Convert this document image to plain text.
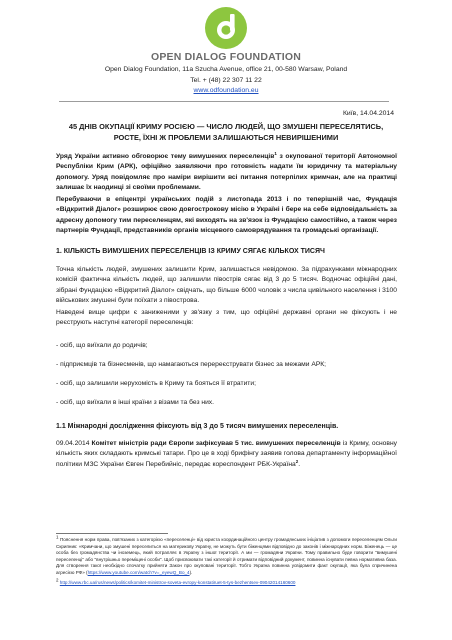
OPEN DIALOG FOUNDATION
Open Dialog Foundation, 11a Szucha Avenue, office 21, 00-580 Warsaw, Poland
Tel. + (48) 22 307 11 22
www.odfoundation.eu
Київ, 14.04.2014
45 ДНІВ ОКУПАЦІЇ КРИМУ РОСІЄЮ — ЧИСЛО ЛЮДЕЙ, ЩО ЗМУШЕНІ ПЕРЕСЕЛЯТИСЬ, РОСТЕ, ЇХНІ Ж ПРОБЛЕМИ ЗАЛИШАЮТЬСЯ НЕВИРІШЕНИМИ

Уряд України активно обговорює тему вимушених переселенців$^1$ з окупованої території Автономної Республіки Крим (АРК), офіційно заявляючи про готовність надати їм юридичну та матеріальну допомогу. Уряд повідомляє про наміри вирішити всі питання потерпілих кримчан, але на практиці залишає їх наодинці зі своїми проблемами.

Перебуваючи в епіцентрі українських подій з листопада 2013 і по теперішній час, Фундація «Відкритий Діалог» розширює свою довгострокову місію в Україні і бере на себе відповідальність за адресну допомогу тим переселенцям, які виходять на зв'язок із Фундацією самостійно, а також через партнерів Фундації, представників органів місцевого самоврядування та громадські організації.

1. КІЛЬКІСТЬ ВИМУШЕНИХ ПЕРЕСЕЛЕНЦІВ ІЗ КРИМУ СЯГАЄ КІЛЬКОХ ТИСЯЧ

Точна кількість людей, змушених залишити Крим, залишається невідомою. За підрахунками міжнародних комісій фактична кількість людей, що залишили півострів сягає від 3 до 5 тисяч. Водночас офіційні дані, зібрані Фундацією «Відкритий Діалог» свідчать, що більше 6000 чоловік з числа цивільного населення і 3100 військових змушені були поїхати з півострова.

Наведені вище цифри є заниженими у зв'язку з тим, що офіційні державні органи не фіксують і не реєструють наступні категорії переселенців:

- осіб, що виїхали до родичів;
- підприємців та бізнесменів, що намагаються перереєструвати бізнес за межами АРК;
- осіб, що залишили нерухомість в Криму та бояться її втратити;
- осіб, що виїхали в інші країни з візами та без них.
1.1 Міжнародні дослідження фіксують від 3 до 5 тисяч вимушених переселенців.

09.04.2014 Комітет міністрів ради Європи зафіксував 5 тис. вимушених переселенців із Криму, основну кількість яких складають кримські татари. Про це в ході брифінгу заявив голова департаменту інформаційної політики МЗС України Євген Перебийніс, передає кореспондент РБК-Україна$^2$.

$^1$ Пояснення норм права, пов'язаних з категорією «переселенці» від юриста координаційного центру громадянських ініціатив з допомоги переселенцям Ольги Скрипник: «Кримчани, що змушені переселиться на материкову Україну, не можуть бути біженцями відповідно до законів і міжнародних норм. Біженець — це особа без громадянства чи іноземець, який потрапляє в Україну з іншої території. А ми — громадяни України. Тому правильно буде говорити "вимушені переселенці" або "внутрішньо переміщені особи". Щоб присвоювати такі категорії й отримати відповідний документ, повинна існувати певна нормативна база. Для створення такої необхідно спочатку прийняти Закон про окуповані території. Тобто Україна повинна усвідомити факт окупації, яка була спричинена агресією РФ» (https://www.youtube.com/watch?v=_eyewQ_Bo_4).
$^2$ http://www.rbc.ua/rus/news/politics/komitet-ministrov-soveta-evropy-konstatiruet-5-tys-bezhentsev-09042014160600
